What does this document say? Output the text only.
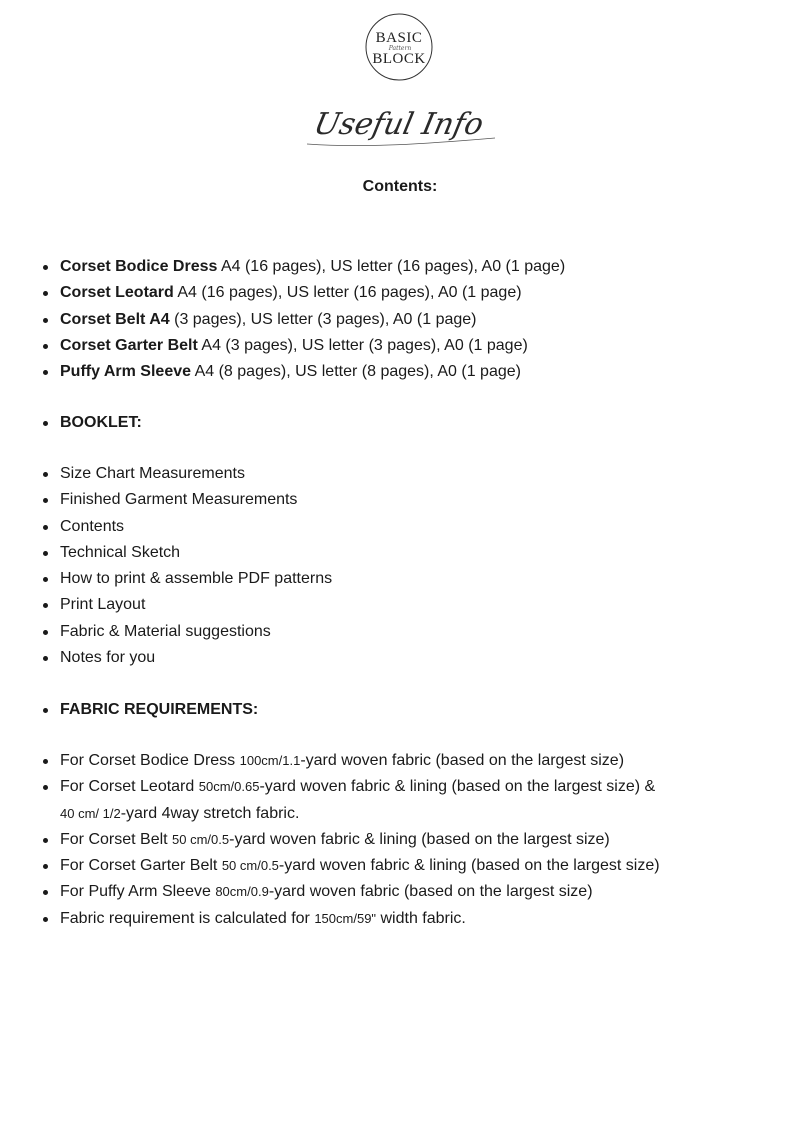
BASIC
Pattern
BLOCK
Useful Info
Contents:
Corset Bodice Dress A4 (16 pages), US letter (16 pages), A0 (1 page)
Corset Leotard A4 (16 pages), US letter (16 pages), A0 (1 page)
Corset Belt A4 (3 pages), US letter (3 pages), A0 (1 page)
Corset Garter Belt A4 (3 pages), US letter (3 pages), A0 (1 page)
Puffy Arm Sleeve A4 (8 pages), US letter (8 pages), A0 (1 page)
BOOKLET:
Size Chart Measurements
Finished Garment Measurements
Contents
Technical Sketch
How to print & assemble PDF patterns
Print Layout
Fabric & Material suggestions
Notes for you
FABRIC REQUIREMENTS:
For Corset Bodice Dress 100cm/1.1-yard woven fabric (based on the largest size)
For Corset Leotard 50cm/0.65-yard woven fabric & lining (based on the largest size) &
40 cm/ 1/2-yard 4way stretch fabric.
For Corset Belt 50 cm/0.5-yard woven fabric & lining (based on the largest size)
For Corset Garter Belt 50 cm/0.5-yard woven fabric & lining (based on the largest size)
For Puffy Arm Sleeve 80cm/0.9-yard woven fabric (based on the largest size)
Fabric requirement is calculated for 150cm/59" width fabric.
